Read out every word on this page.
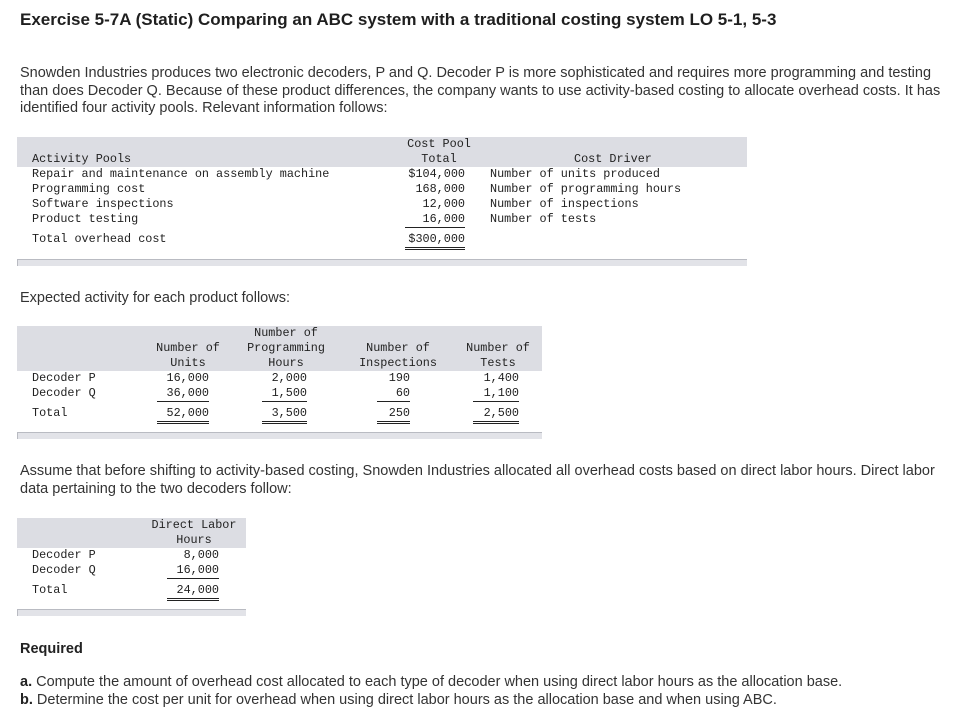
Exercise 5-7A (Static) Comparing an ABC system with a traditional costing system LO 5-1, 5-3
Snowden Industries produces two electronic decoders, P and Q. Decoder P is more sophisticated and requires more programming and testing than does Decoder Q. Because of these product differences, the company wants to use activity-based costing to allocate overhead costs. It has identified four activity pools. Relevant information follows:
Activity Pools
Cost Pool
Total	Cost Driver
Repair and maintenance on assembly machine	$104,000 Number of units produced
Programming cost	168,000 Number of programming hours
Software inspections	12,000 Number of inspections
Product testing	16,000 Number of tests
Total overhead cost	$300,000
Expected activity for each product follows:
Number of
Units
Number of
Programming
Hours
Number of
Inspections
Number of
Tests
Decoder P	16,000	2,000	190	1,400
Decoder Q	36,000	1,500	60	1,100
Total	52,000	3,500	250	2,500
Assume that before shifting to activity-based costing, Snowden Industries allocated all overhead costs based on direct labor hours. Direct labor data pertaining to the two decoders follow:
Direct Labor
Hours
Decoder P	8,000
Decoder Q	16,000
Total	24,000
Required
a. Compute the amount of overhead cost allocated to each type of decoder when using direct labor hours as the allocation base.
b. Determine the cost per unit for overhead when using direct labor hours as the allocation base and when using ABC.
